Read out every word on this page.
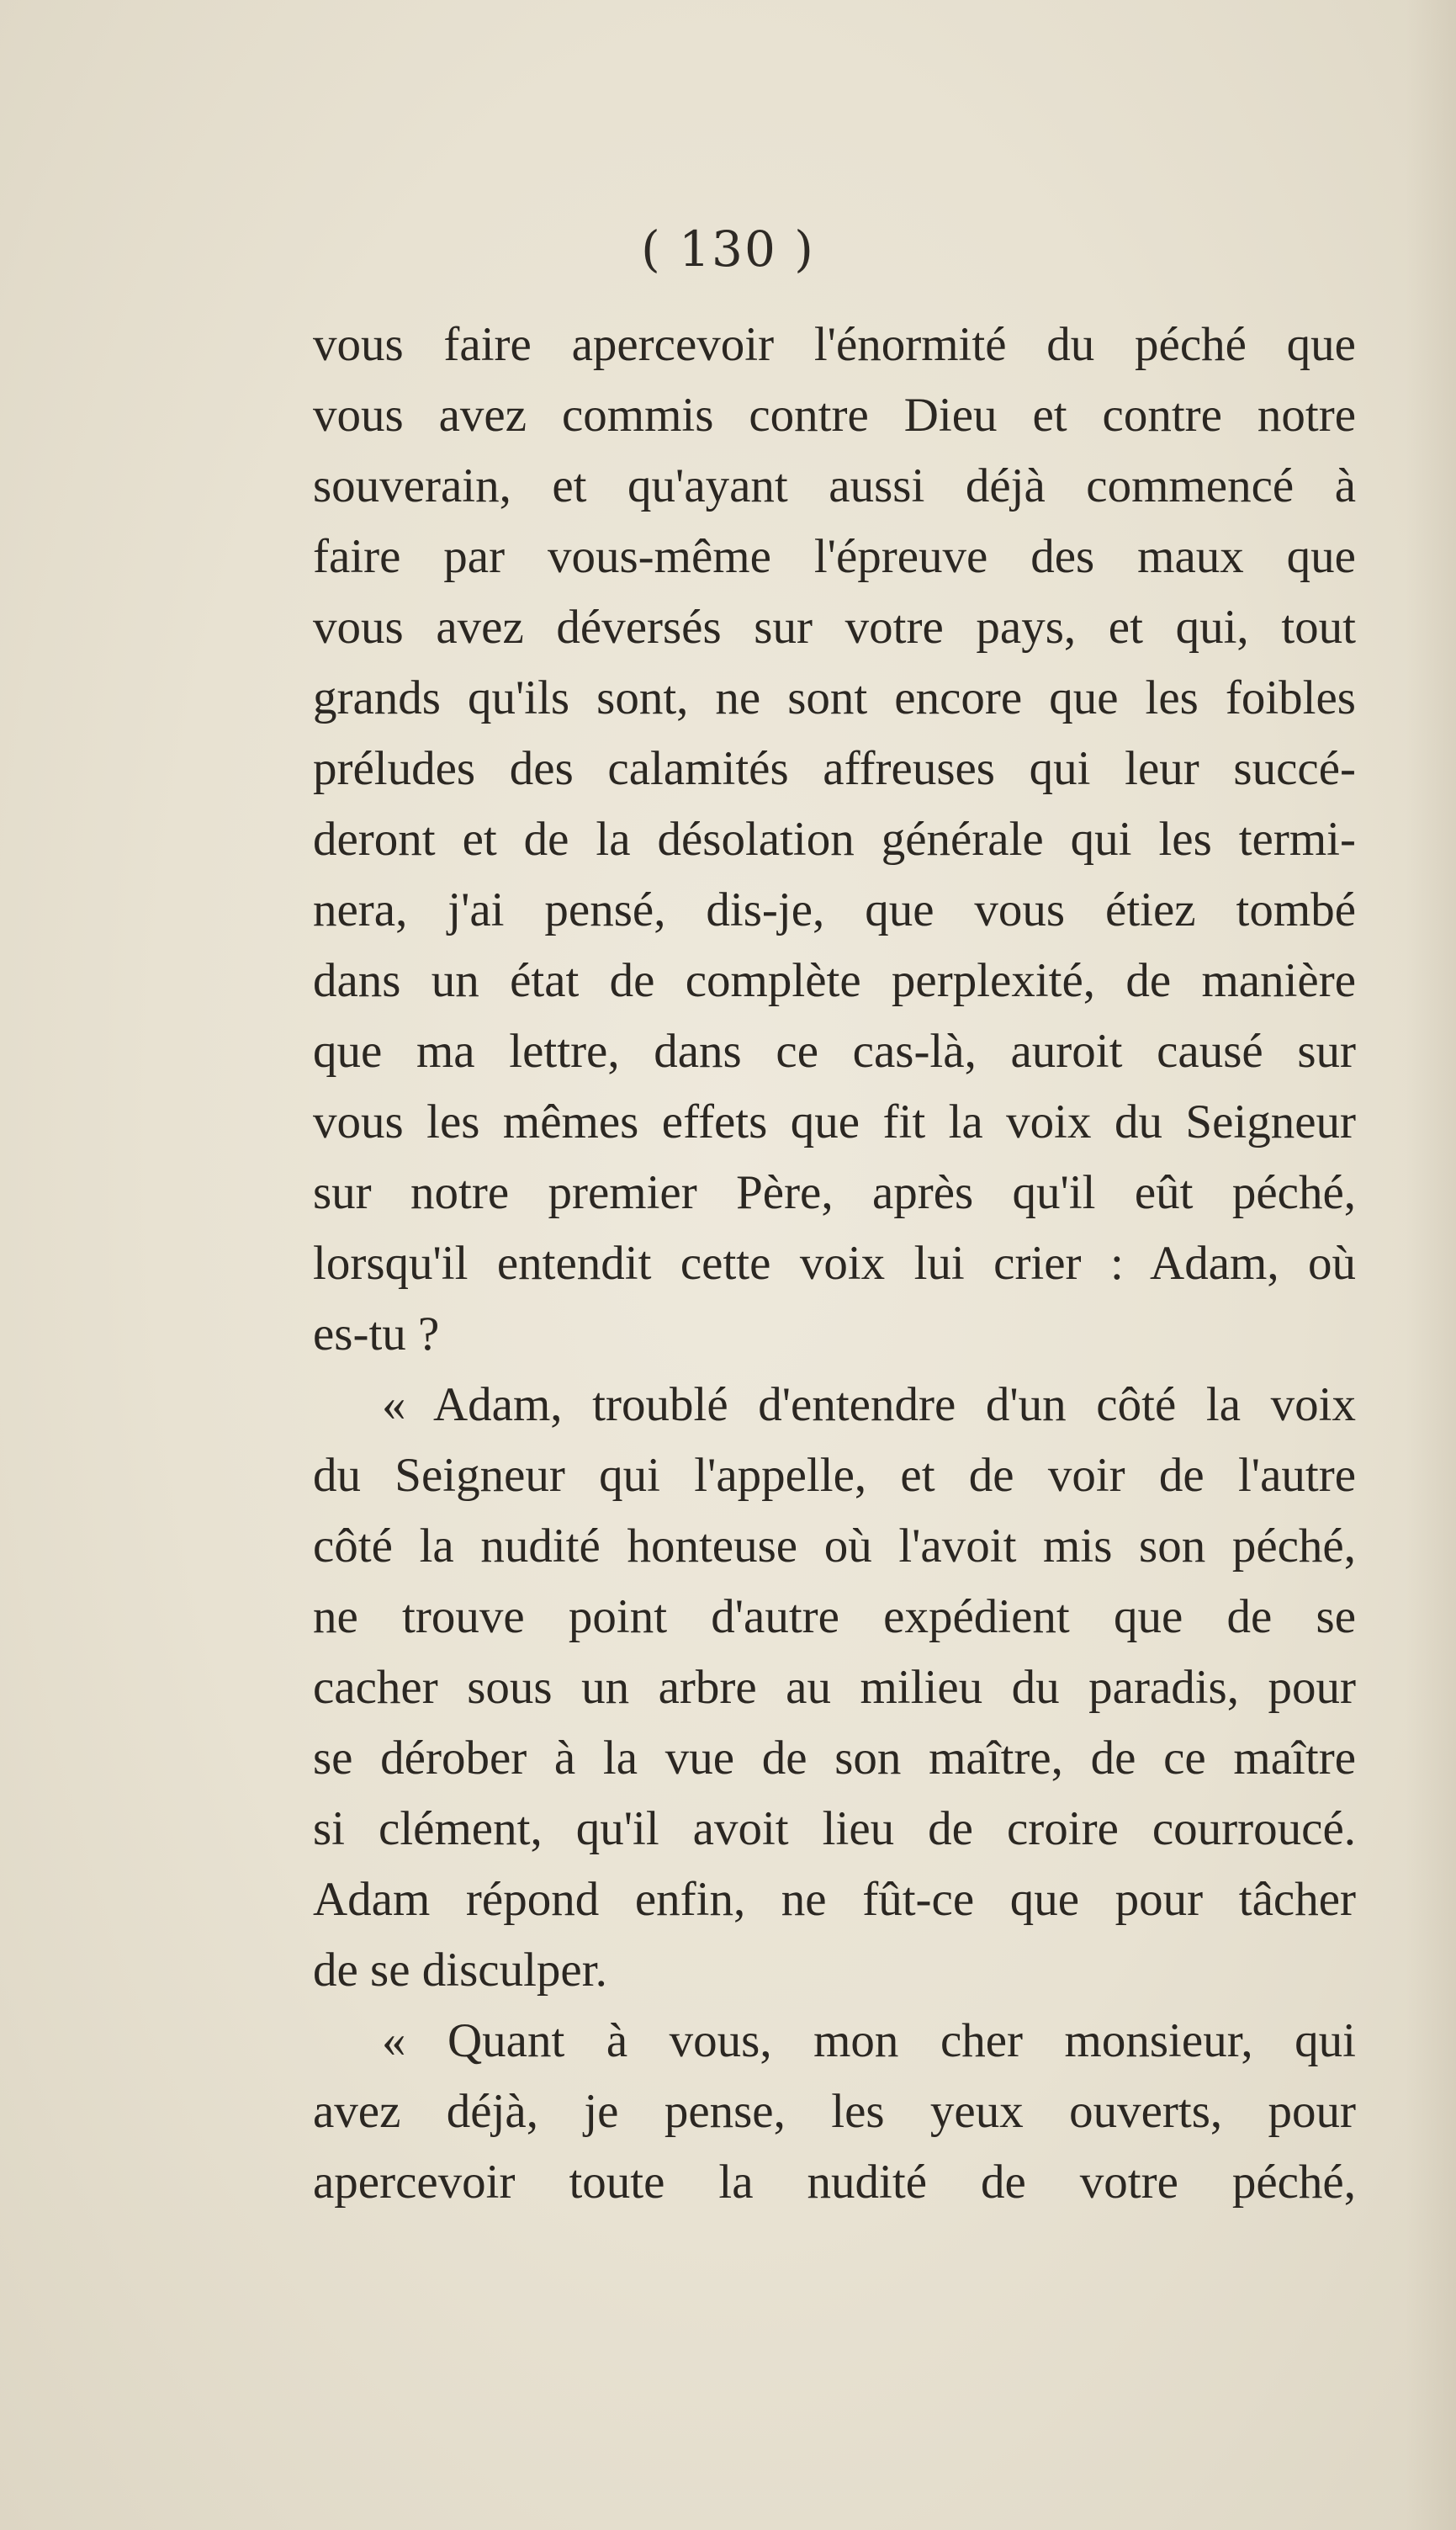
( 130 )

vous faire apercevoir l'énormité du péché que
vous avez commis contre Dieu et contre notre
souverain, et qu'ayant aussi déjà commencé à
faire par vous-même l'épreuve des maux que
vous avez déversés sur votre pays, et qui, tout
grands qu'ils sont, ne sont encore que les foibles
préludes des calamités affreuses qui leur succé-
deront et de la désolation générale qui les termi-
nera, j'ai pensé, dis-je, que vous étiez tombé
dans un état de complète perplexité, de manière
que ma lettre, dans ce cas-là, auroit causé sur
vous les mêmes effets que fit la voix du Seigneur
sur notre premier Père, après qu'il eût péché,
lorsqu'il entendit cette voix lui crier : Adam, où
es-tu ?

« Adam, troublé d'entendre d'un côté la voix
du Seigneur qui l'appelle, et de voir de l'autre
côté la nudité honteuse où l'avoit mis son péché,
ne trouve point d'autre expédient que de se
cacher sous un arbre au milieu du paradis, pour
se dérober à la vue de son maître, de ce maître
si clément, qu'il avoit lieu de croire courroucé.
Adam répond enfin, ne fût-ce que pour tâcher
de se disculper.

« Quant à vous, mon cher monsieur, qui
avez déjà, je pense, les yeux ouverts, pour
apercevoir toute la nudité de votre péché,
